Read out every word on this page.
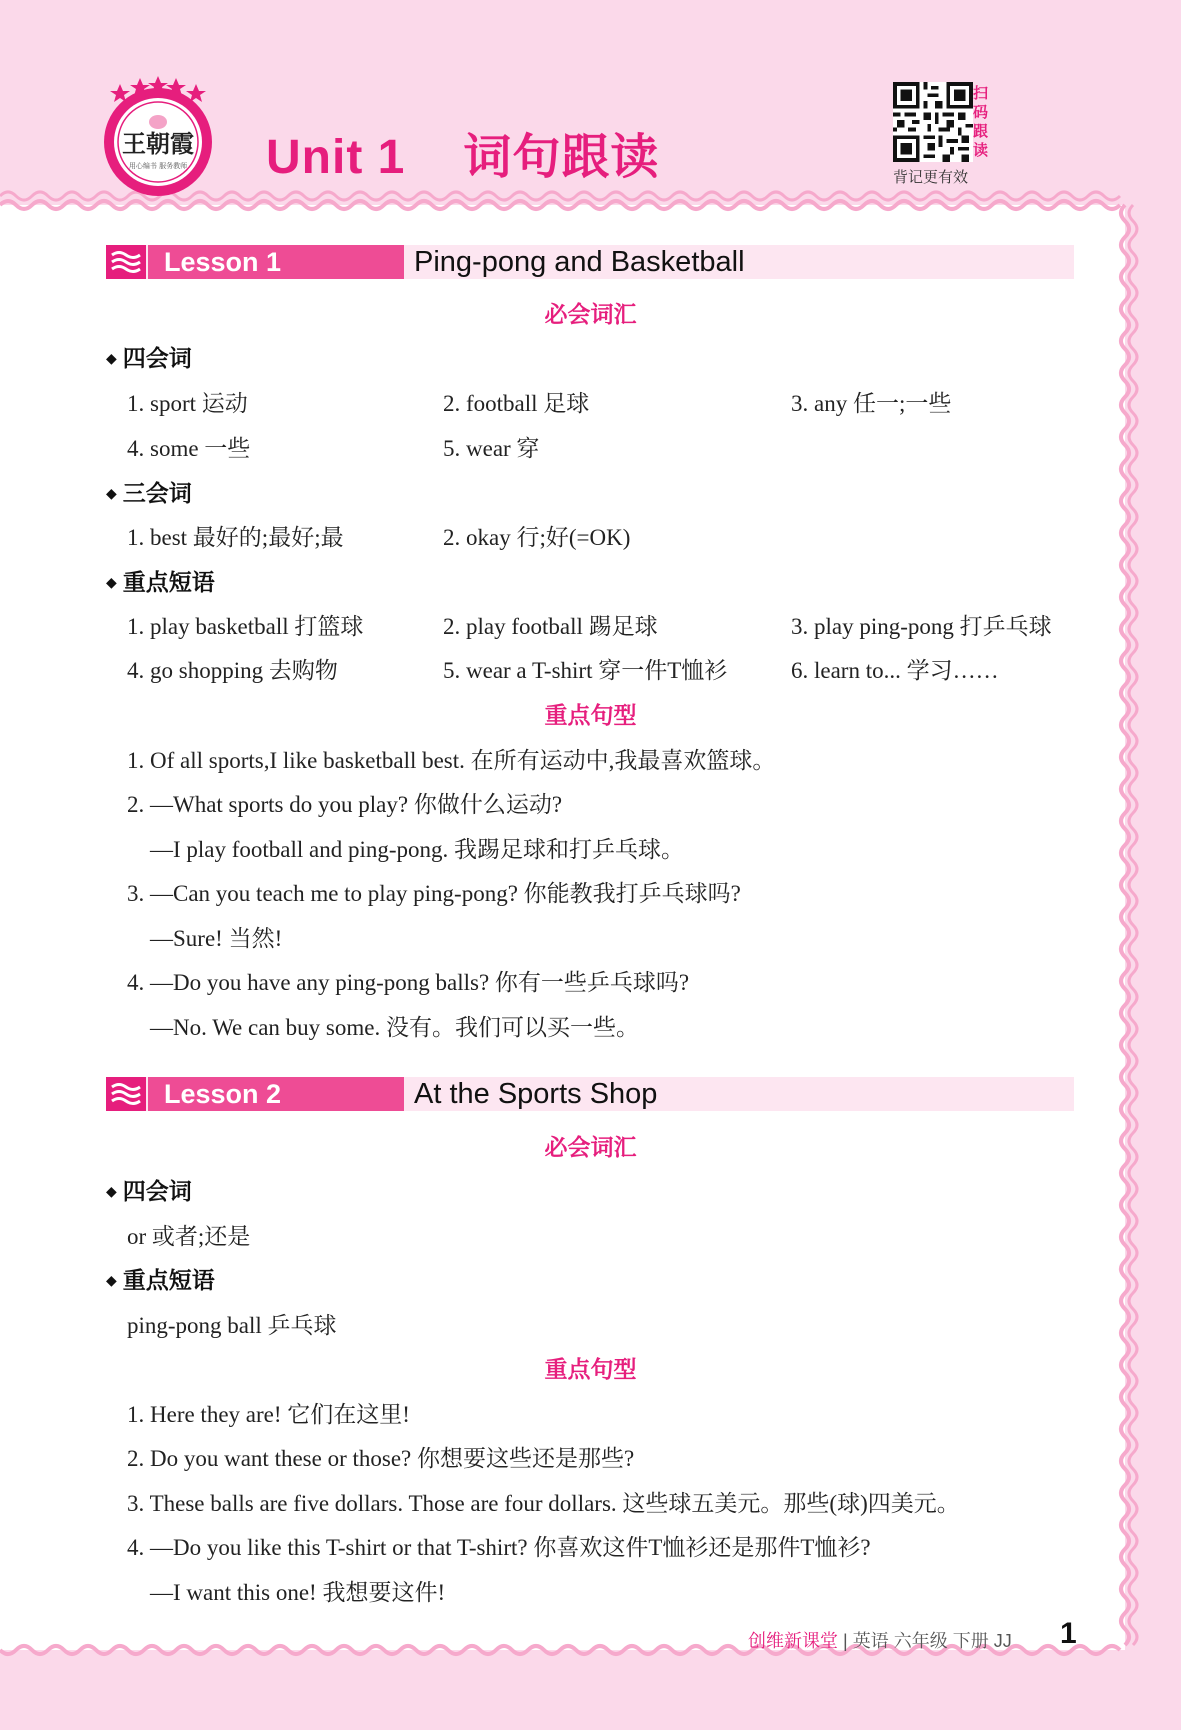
王朝霞
用心编书 服务教师 Unit 1 词句跟读
扫
码
跟
读
背记更有效
Lesson 1	Ping-pong and Basketball
必会词汇
◆ 四会词
1. sport 运动	2. football 足球	3. any 任一;一些
4. some 一些	5. wear 穿
◆ 三会词
1. best 最好的;最好;最	2. okay 行;好(=OK)
◆ 重点短语
1. play basketball 打篮球	2. play football 踢足球	3. play ping-pong 打乒乓球
4. go shopping 去购物	5. wear a T-shirt 穿一件T恤衫	6. learn to... 学习……
重点句型
1. Of all sports,I like basketball best. 在所有运动中,我最喜欢篮球。
2. —What sports do you play? 你做什么运动?
—I play football and ping-pong. 我踢足球和打乒乓球。
3. —Can you teach me to play ping-pong? 你能教我打乒乓球吗?
—Sure! 当然!
4. —Do you have any ping-pong balls? 你有一些乒乓球吗?
—No. We can buy some. 没有。我们可以买一些。
Lesson 2	At the Sports Shop
必会词汇
◆ 四会词
or 或者;还是
◆ 重点短语
ping-pong ball 乒乓球
重点句型
1. Here they are! 它们在这里!
2. Do you want these or those? 你想要这些还是那些?
3. These balls are five dollars. Those are four dollars. 这些球五美元。那些(球)四美元。
4. —Do you like this T-shirt or that T-shirt? 你喜欢这件T恤衫还是那件T恤衫?
—I want this one! 我想要这件!
创维新课堂 | 英语 六年级 下册 JJ 1
